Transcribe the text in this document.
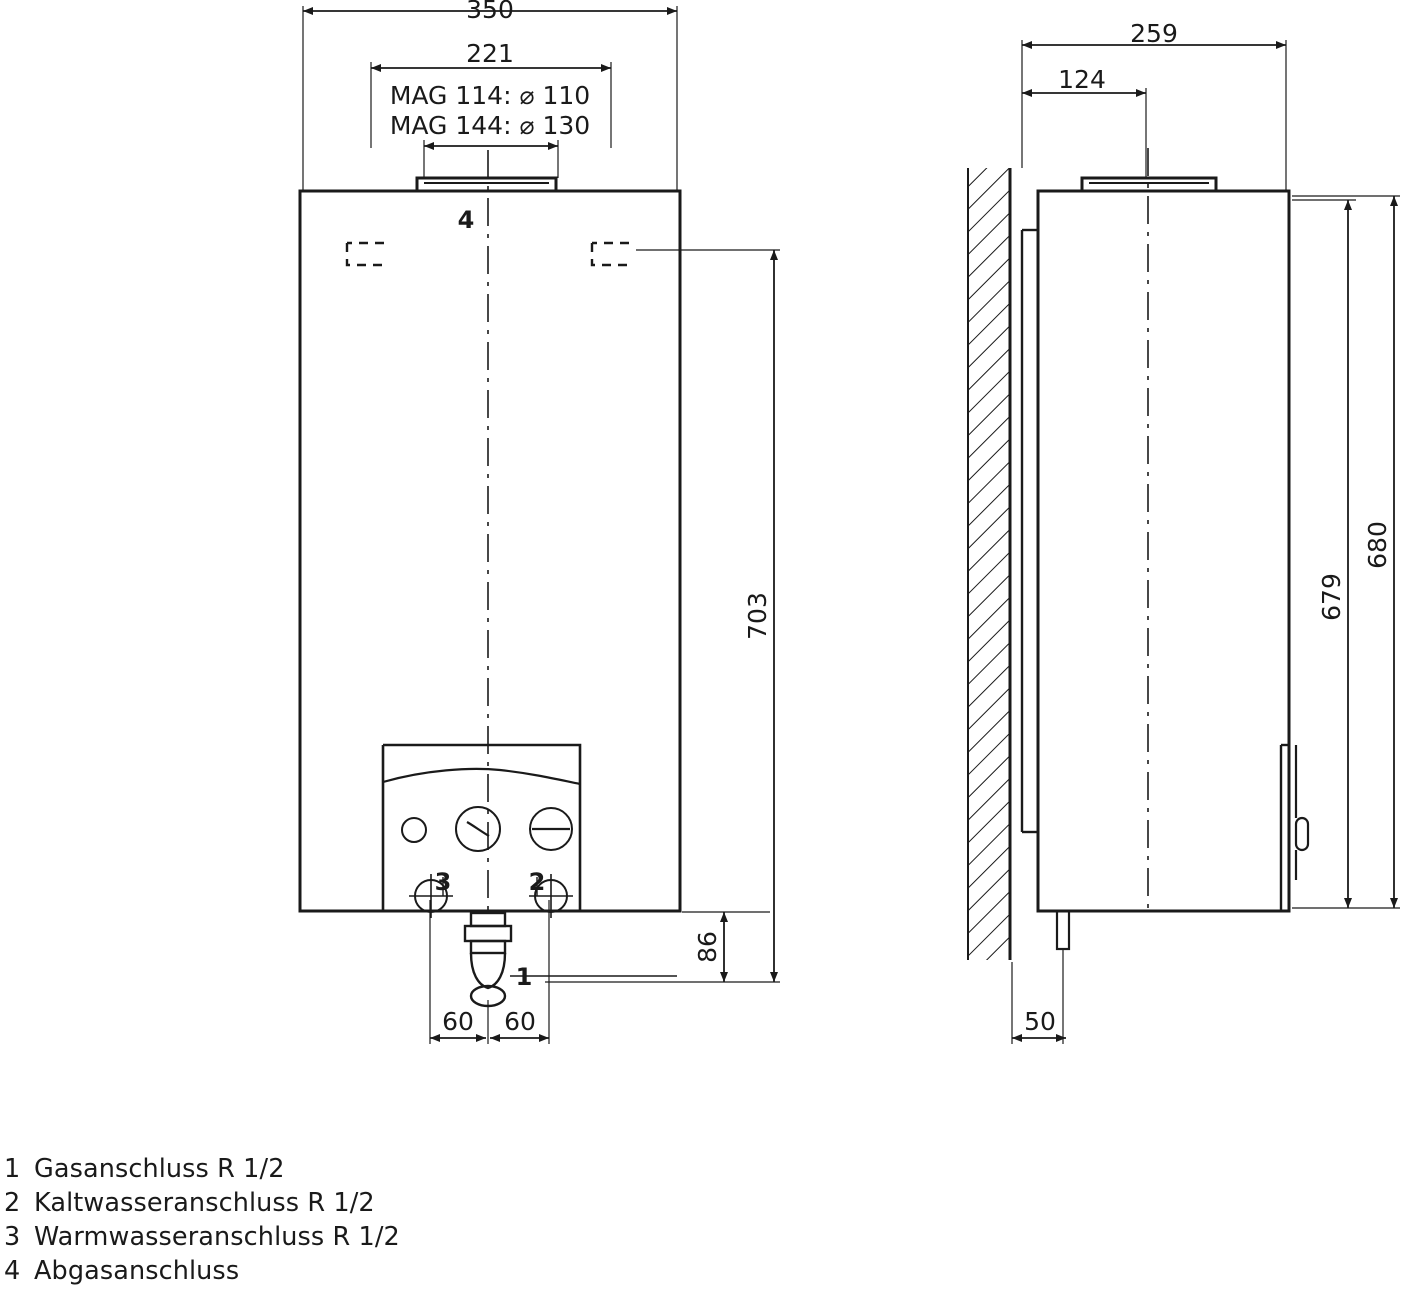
350
221
MAG 114: ⌀ 110
MAG 144: ⌀ 130
703
86
60 60
259
124
680
679
50
4
3	2
1
1 Gasanschluss R 1/2
2 Kaltwasseranschluss R 1/2
3 Warmwasseranschluss R 1/2
4 Abgasanschluss
